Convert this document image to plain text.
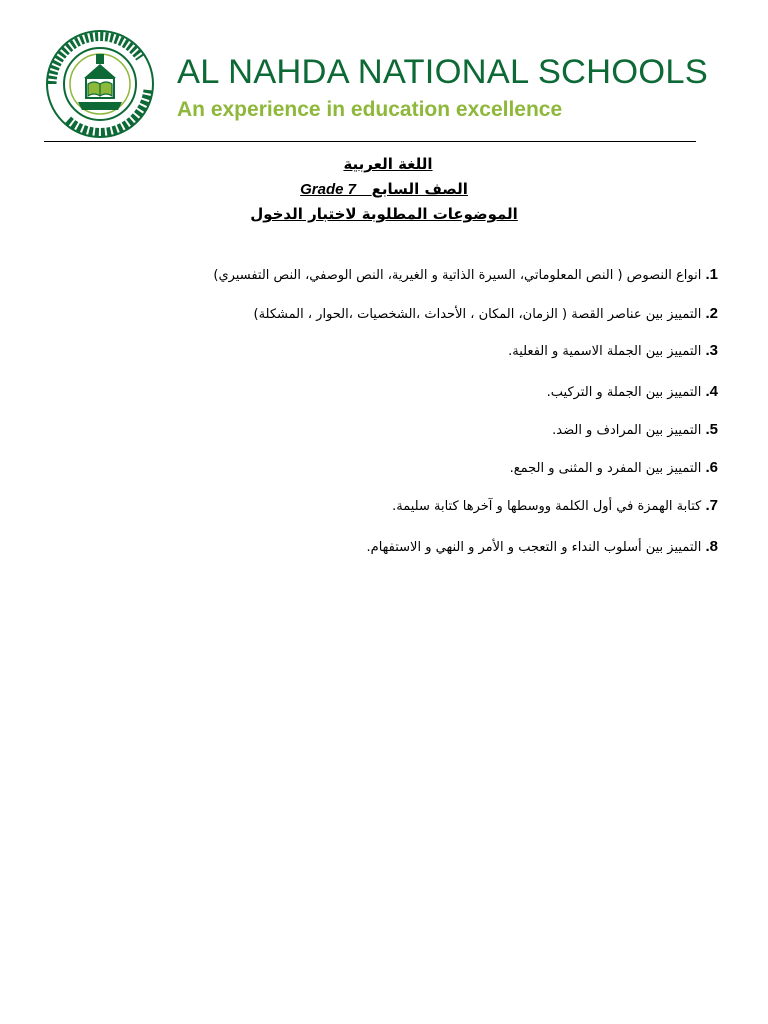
AL NAHDA NATIONAL SCHOOLS
An experience in education excellence
اللغة العربية
الصف السابع   Grade 7
الموضوعات المطلوبة لاختبار الدخول
1. انواع النصوص ( النص المعلوماتي، السيرة الذاتية و الغيرية، النص الوصفي، النص التفسيري)
2. التمييز بين عناصر القصة ( الزمان، المكان ، الأحداث ،الشخصيات ،الحوار ، المشكلة)
3. التمييز بين الجملة الاسمية و الفعلية.
4. التمييز بين الجملة و التركيب.
5. التمييز بين المرادف و الضد.
6. التمييز بين المفرد و المثنى و الجمع.
7. كتابة الهمزة في أول الكلمة ووسطها و آخرها كتابة سليمة.
8. التمييز بين أسلوب النداء و التعجب و الأمر و النهي و الاستفهام.
